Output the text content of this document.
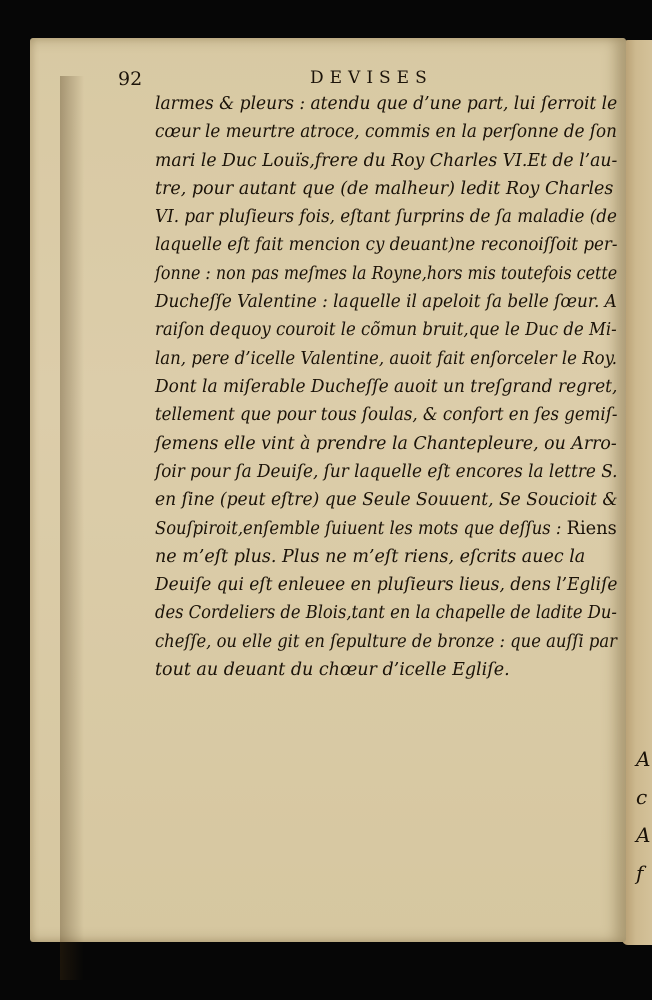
A
c
A
f
92	DEVISES
larmes & pleurs : atendu que d’une part, lui ſerroit le
cœur le meurtre atroce, commis en la perſonne de ſon
mari le Duc Louïs,frere du Roy Charles VI.Et de l’au-
tre, pour autant que (de malheur) ledit Roy Charles
VI. par pluſieurs fois, eſtant ſurprins de ſa maladie (de
laquelle eſt fait mencion cy deuant)ne reconoiſſoit per-
ſonne : non pas meſmes la Royne,hors mis toutefois cette
Ducheſſe Valentine : laquelle il apeloit ſa belle ſœur. A
raiſon dequoy couroit le cõmun bruit,que le Duc de Mi-
lan, pere d’icelle Valentine, auoit fait enſorceler le Roy.
Dont la miſerable Ducheſſe auoit un treſgrand regret,
tellement que pour tous ſoulas, & confort en ſes gemiſ-
ſemens elle vint à prendre la Chantepleure, ou Arro-
ſoir pour ſa Deuiſe, ſur laquelle eſt encores la lettre S.
en ſine (peut eſtre) que Seule Souuent, Se Soucioit &
Souſpiroit,enſemble ſuiuent les mots que deſſus : Riens
ne m’eſt plus. Plus ne m’eſt riens, eſcrits auec la
Deuiſe qui eſt enleuee en pluſieurs lieus, dens l’Egliſe
des Cordeliers de Blois,tant en la chapelle de ladite Du-
cheſſe, ou elle git en ſepulture de bronze : que auſſi par
tout au deuant du chœur d’icelle Egliſe.
